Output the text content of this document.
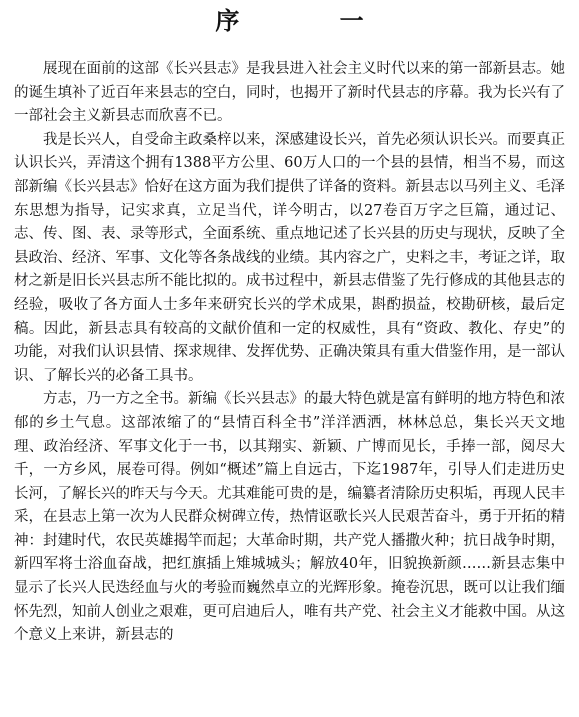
序 一

展现在面前的这部《长兴县志》是我县进入社会主义时代以来的第一部新县志。她的诞生填补了近百年来县志的空白，同时，也揭开了新时代县志的序幕。我为长兴有了一部社会主义新县志而欣喜不已。

我是长兴人，自受命主政桑梓以来，深感建设长兴，首先必须认识长兴。而要真正认识长兴，弄清这个拥有1388平方公里、60万人口的一个县的县情，相当不易，而这部新编《长兴县志》恰好在这方面为我们提供了详备的资料。新县志以马列主义、毛泽东思想为指导，记实求真，立足当代，详今明古，以27卷百万字之巨篇，通过记、志、传、图、表、录等形式，全面系统、重点地记述了长兴县的历史与现状，反映了全县政治、经济、军事、文化等各条战线的业绩。其内容之广，史料之丰，考证之详，取材之新是旧长兴县志所不能比拟的。成书过程中，新县志借鉴了先行修成的其他县志的经验，吸收了各方面人士多年来研究长兴的学术成果，斟酌损益，校勘研核，最后定稿。因此，新县志具有较高的文献价值和一定的权威性，具有“资政、教化、存史”的功能，对我们认识县情、探求规律、发挥优势、正确决策具有重大借鉴作用，是一部认识、了解长兴的必备工具书。

方志，乃一方之全书。新编《长兴县志》的最大特色就是富有鲜明的地方特色和浓郁的乡土气息。这部浓缩了的“县情百科全书”洋洋洒洒，林林总总，集长兴天文地理、政治经济、军事文化于一书，以其翔实、新颖、广博而见长，手捧一部，阅尽大千，一方乡风，展卷可得。例如“概述”篇上自远古，下迄1987年，引导人们走进历史长河，了解长兴的昨天与今天。尤其难能可贵的是，编纂者清除历史积垢，再现人民丰采，在县志上第一次为人民群众树碑立传，热情讴歌长兴人民艰苦奋斗，勇于开拓的精神：封建时代，农民英雄揭竿而起；大革命时期，共产党人播撒火种；抗日战争时期，新四军将士浴血奋战，把红旗插上雉城城头；解放40年，旧貌换新颜……新县志集中显示了长兴人民迭经血与火的考验而巍然卓立的光辉形象。掩卷沉思，既可以让我们缅怀先烈，知前人创业之艰难，更可启迪后人，唯有共产党、社会主义才能救中国。从这个意义上来讲，新县志的
